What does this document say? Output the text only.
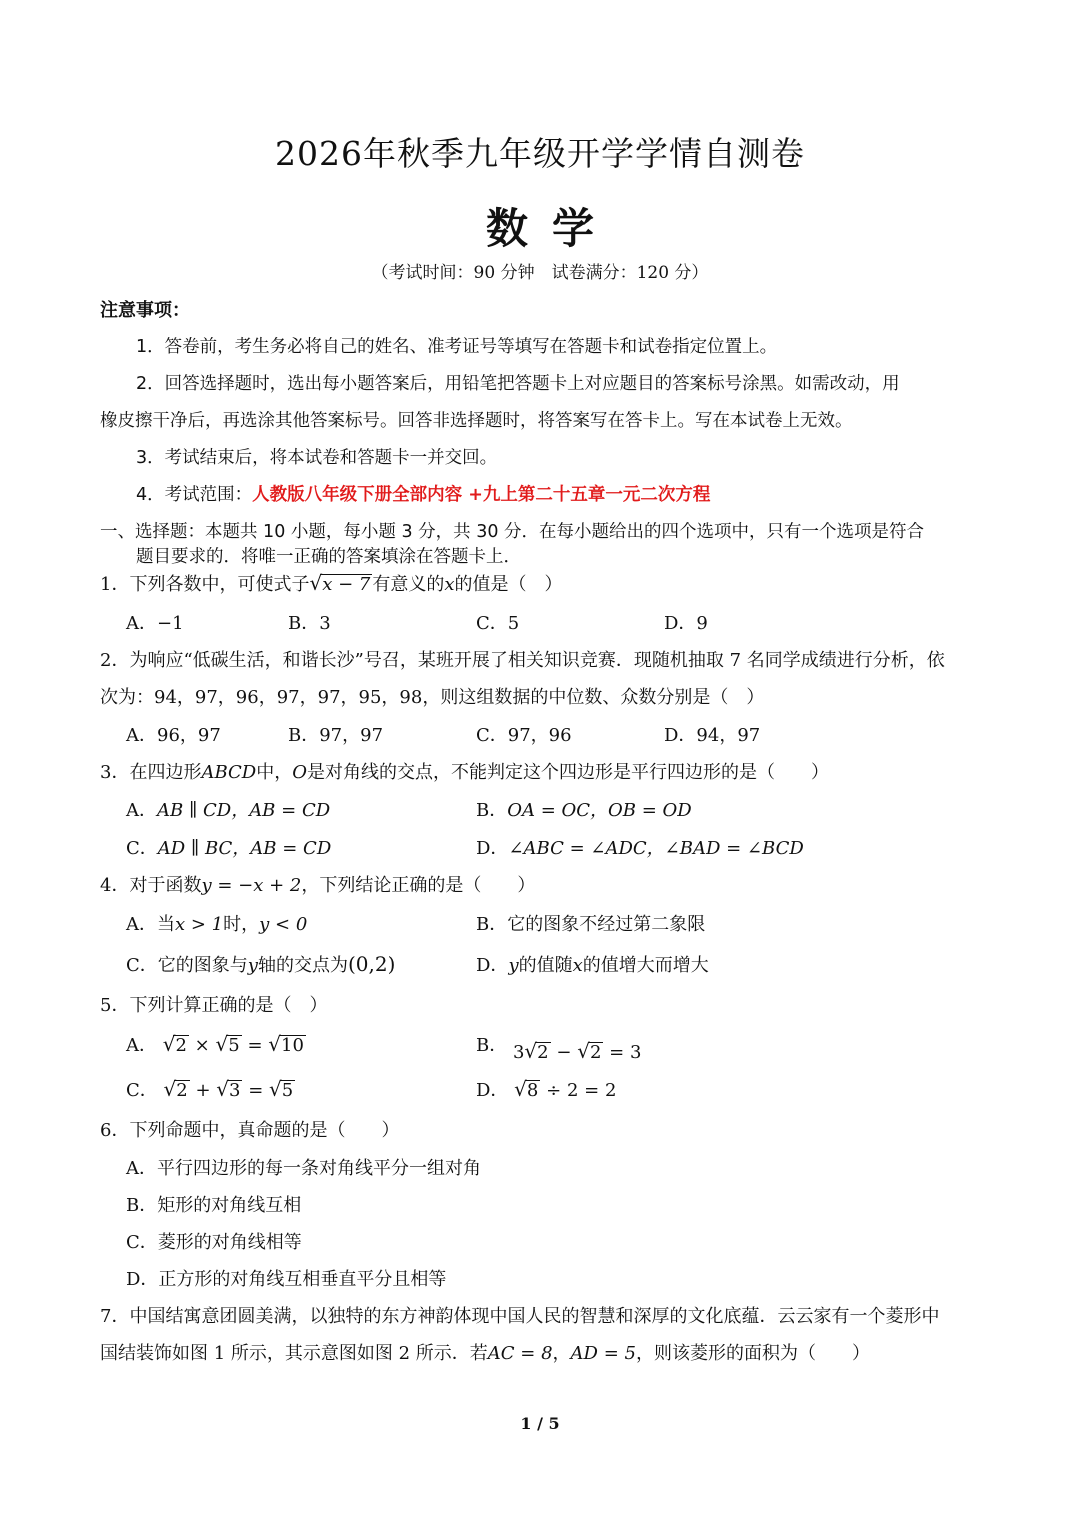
2026年秋季九年级开学学情自测卷
数学
（考试时间：90 分钟　试卷满分：120 分）
注意事项：
1．答卷前，考生务必将自己的姓名、准考证号等填写在答题卡和试卷指定位置上。
2．回答选择题时，选出每小题答案后，用铅笔把答题卡上对应题目的答案标号涂黑。如需改动，用
橡皮擦干净后，再选涂其他答案标号。回答非选择题时，将答案写在答卡上。写在本试卷上无效。
3．考试结束后，将本试卷和答题卡一并交回。
4．考试范围：人教版八年级下册全部内容 +九上第二十五章一元二次方程
一、选择题：本题共 10 小题，每小题 3 分，共 30 分．在每小题给出的四个选项中，只有一个选项是符合
题目要求的．将唯一正确的答案填涂在答题卡上．
1．下列各数中，可使式子√x − 7 有意义的x的值是（　）
A．−1	B．3	C．5	D．9
2．为响应“低碳生活，和谐长沙”号召，某班开展了相关知识竞赛．现随机抽取 7 名同学成绩进行分析，依
次为：94，97，96，97，97，95，98，则这组数据的中位数、众数分别是（　）
A．96，97	B．97，97	C．97，96	D．94，97
3．在四边形ABCD中，O是对角线的交点，不能判定这个四边形是平行四边形的是（　　）
A．AB ∥ CD，AB = CD	B．OA = OC，OB = OD
C．AD ∥ BC，AB = CD	D．∠ABC = ∠ADC，∠BAD = ∠BCD
4．对于函数y = −x + 2，下列结论正确的是（　　）
A．当x > 1时，y < 0	B．它的图象不经过第二象限
C．它的图象与y轴的交点为(0,2)	D．y的值随x的值增大而增大
5．下列计算正确的是（　）
A． √2 × √5 = √10	B． 3√2 − √2 = 3
C． √2 + √3 = √5	D． √8 ÷ 2 = 2
6．下列命题中，真命题的是（　　）
A．平行四边形的每一条对角线平分一组对角
B．矩形的对角线互相
C．菱形的对角线相等
D．正方形的对角线互相垂直平分且相等
7．中国结寓意团圆美满，以独特的东方神韵体现中国人民的智慧和深厚的文化底蕴．云云家有一个菱形中
国结装饰如图 1 所示，其示意图如图 2 所示．若AC = 8，AD = 5，则该菱形的面积为（　　）
1 / 5
